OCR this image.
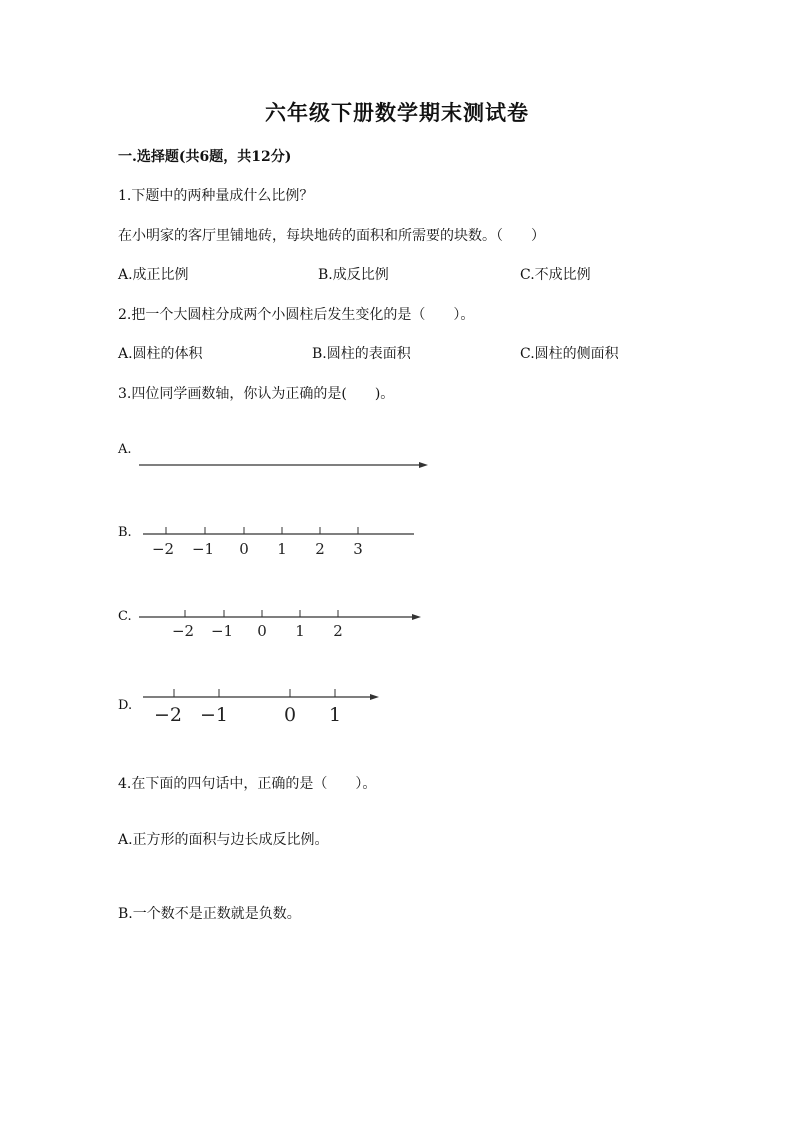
六年级下册数学期末测试卷
一.选择题(共6题，共12分)
1.下题中的两种量成什么比例？
在小明家的客厅里铺地砖，每块地砖的面积和所需要的块数。（　　）
A.成正比例	B.成反比例	C.不成比例
2.把一个大圆柱分成两个小圆柱后发生变化的是（　　）。
A.圆柱的体积	B.圆柱的表面积	C.圆柱的侧面积
3.四位同学画数轴，你认为正确的是(　　)。
A.
−2 −1 0 1 2 3
−2 −1 0 1 2
−2 −1	0 1
B.
C.
D.
4.在下面的四句话中，正确的是（　　）。
A.正方形的面积与边长成反比例。
B.一个数不是正数就是负数。
